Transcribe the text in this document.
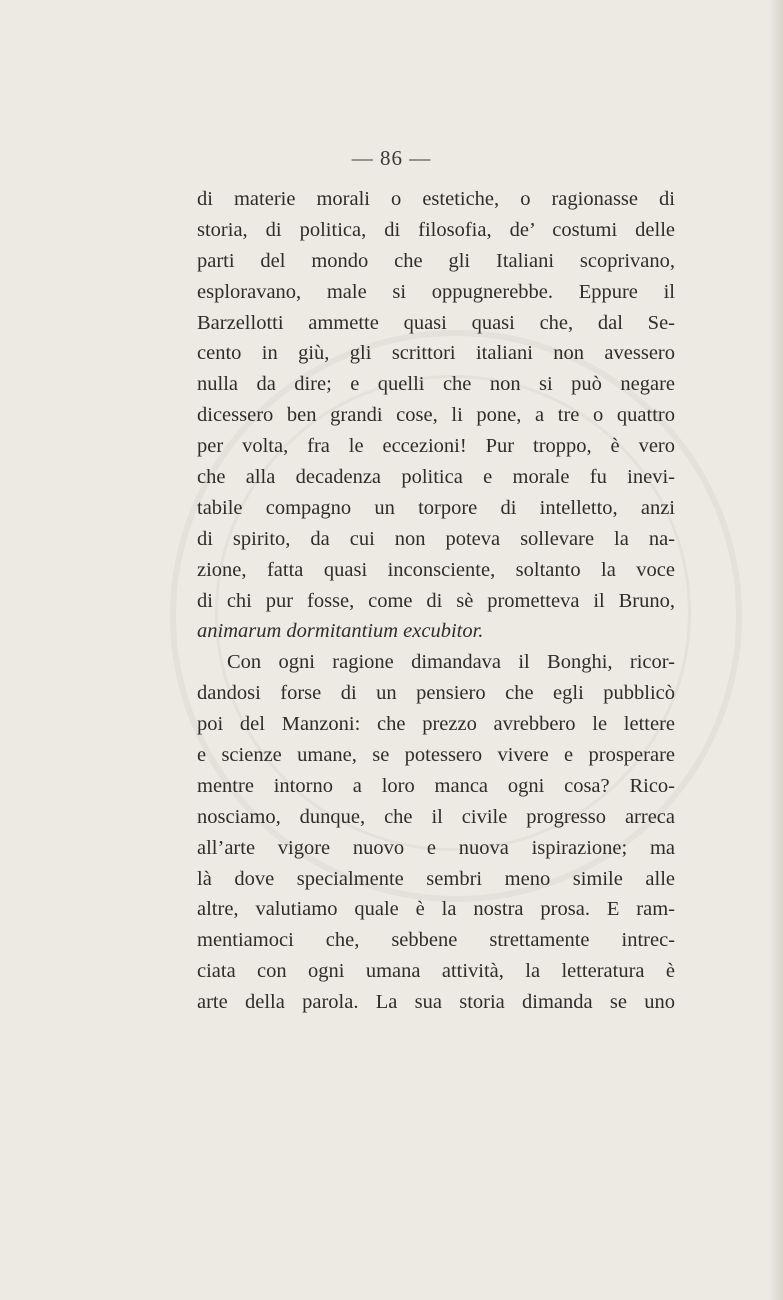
— 86 —
di materie morali o estetiche, o ragionasse di
storia, di politica, di filosofia, de’ costumi delle
parti del mondo che gli Italiani scoprivano,
esploravano, male si oppugnerebbe. Eppure il
Barzellotti ammette quasi quasi che, dal Se-
cento in giù, gli scrittori italiani non avessero
nulla da dire; e quelli che non si può negare
dicessero ben grandi cose, li pone, a tre o quattro
per volta, fra le eccezioni! Pur troppo, è vero
che alla decadenza politica e morale fu inevi-
tabile compagno un torpore di intelletto, anzi
di spirito, da cui non poteva sollevare la na-
zione, fatta quasi inconsciente, soltanto la voce
di chi pur fosse, come di sè prometteva il Bruno,
animarum dormitantium excubitor.
Con ogni ragione dimandava il Bonghi, ricor-
dandosi forse di un pensiero che egli pubblicò
poi del Manzoni: che prezzo avrebbero le lettere
e scienze umane, se potessero vivere e prosperare
mentre intorno a loro manca ogni cosa? Rico-
nosciamo, dunque, che il civile progresso arreca
all’arte vigore nuovo e nuova ispirazione; ma
là dove specialmente sembri meno simile alle
altre, valutiamo quale è la nostra prosa. E ram-
mentiamoci che, sebbene strettamente intrec-
ciata con ogni umana attività, la letteratura è
arte della parola. La sua storia dimanda se uno
